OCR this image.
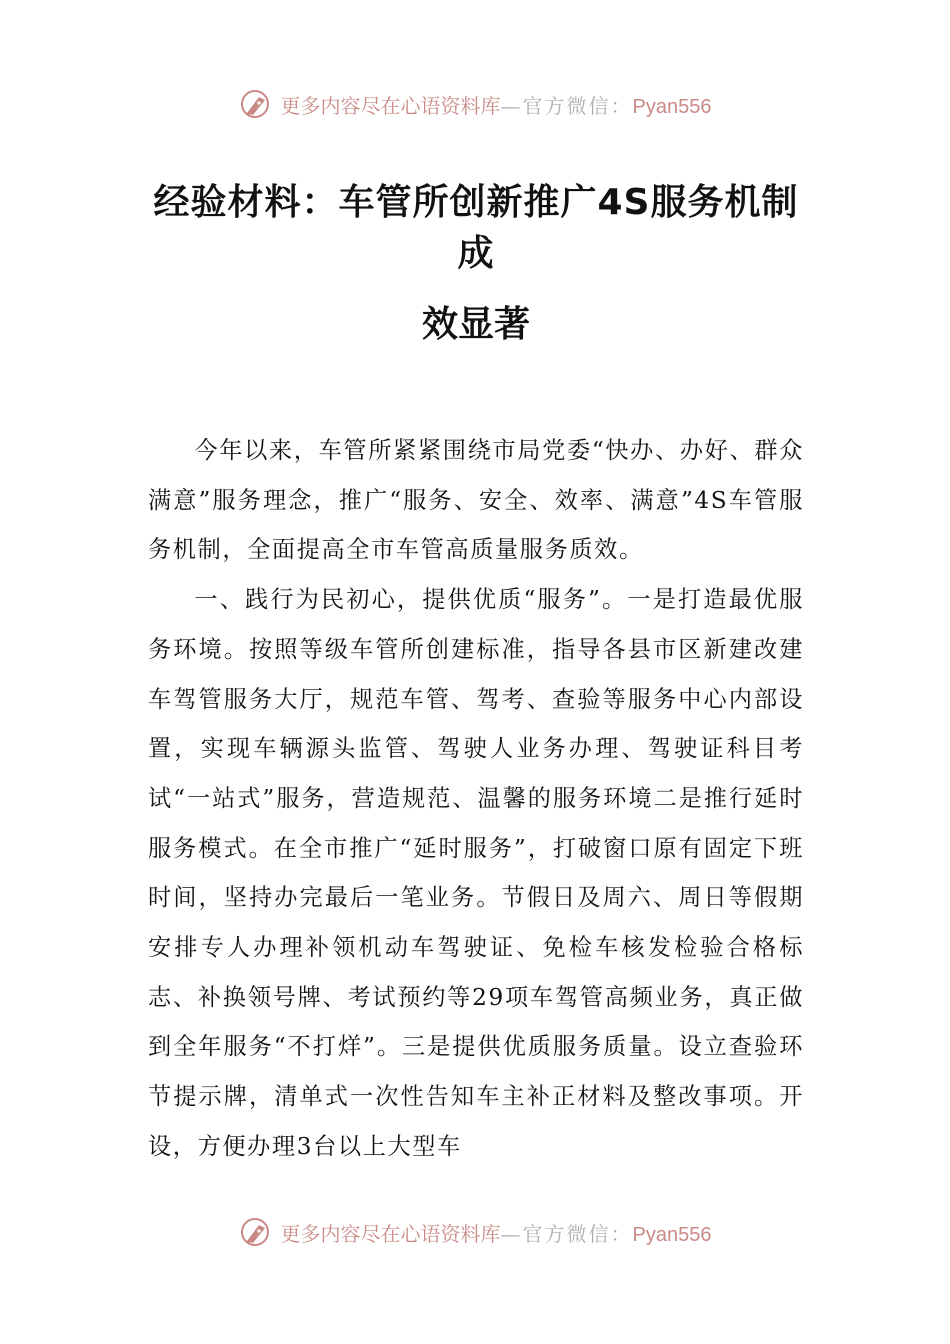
更多内容尽在心语资料库 — 官方微信： Pyan556
经验材料：车管所创新推广4S服务机制成
效显著

今年以来，车管所紧紧围绕市局党委“快办、办好、群众满意”服务理念，推广“服务、安全、效率、满意”4S车管服务机制，全面提高全市车管高质量服务质效。

一、践行为民初心，提供优质“服务”。一是打造最优服务环境。按照等级车管所创建标准，指导各县市区新建改建车驾管服务大厅，规范车管、驾考、查验等服务中心内部设置，实现车辆源头监管、驾驶人业务办理、驾驶证科目考试“一站式”服务，营造规范、温馨的服务环境二是推行延时服务模式。在全市推广“延时服务”，打破窗口原有固定下班时间，坚持办完最后一笔业务。节假日及周六、周日等假期安排专人办理补领机动车驾驶证、免检车核发检验合格标志、补换领号牌、考试预约等29项车驾管高频业务，真正做到全年服务“不打烊”。三是提供优质服务质量。设立查验环节提示牌，清单式一次性告知车主补正材料及整改事项。开设，方便办理3台以上大型车

更多内容尽在心语资料库 — 官方微信： Pyan556
